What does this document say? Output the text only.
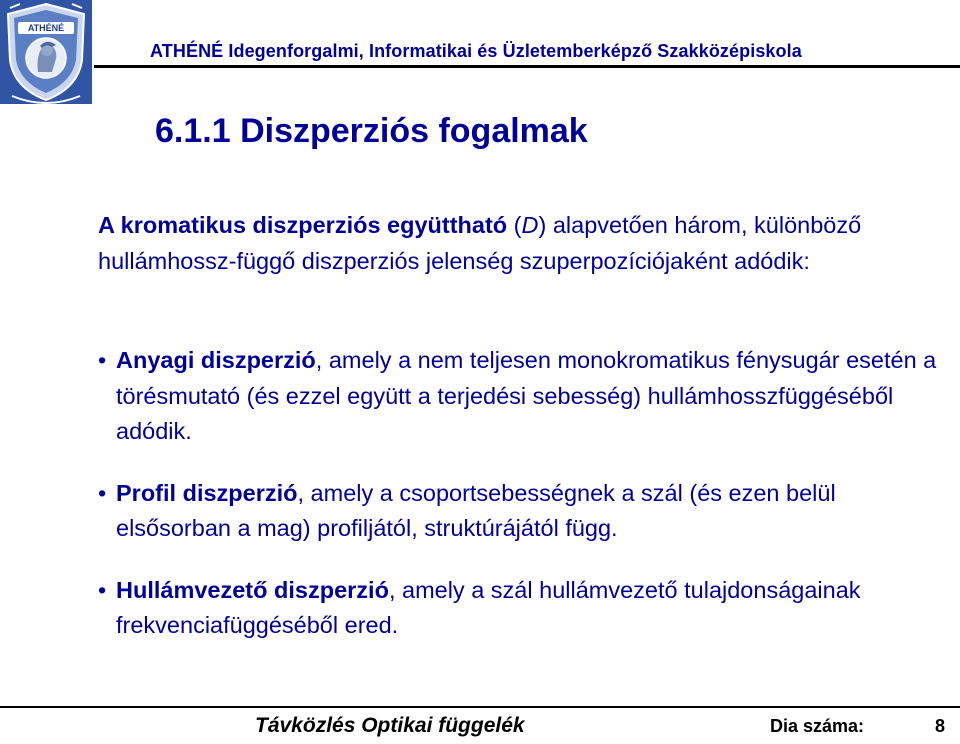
ATHÉNÉ
ATHÉNÉ Idegenforgalmi, Informatikai és Üzletemberképző Szakközépiskola
6.1.1 Diszperziós fogalmak
A kromatikus diszperziós együttható (D) alapvetően három, különböző hullámhossz-függő diszperziós jelenség szuperpozíciójaként adódik:
• Anyagi diszperzió, amely a nem teljesen monokromatikus fénysugár esetén a törésmutató (és ezzel együtt a terjedési sebesség) hullámhosszfüggéséből adódik.
• Profil diszperzió, amely a csoportsebességnek a szál (és ezen belül elsősorban a mag) profiljától, struktúrájától függ.
• Hullámvezető diszperzió, amely a szál hullámvezető tulajdonságainak frekvenciafüggéséből ered.
Távközlés Optikai függelék	Dia száma:	8
